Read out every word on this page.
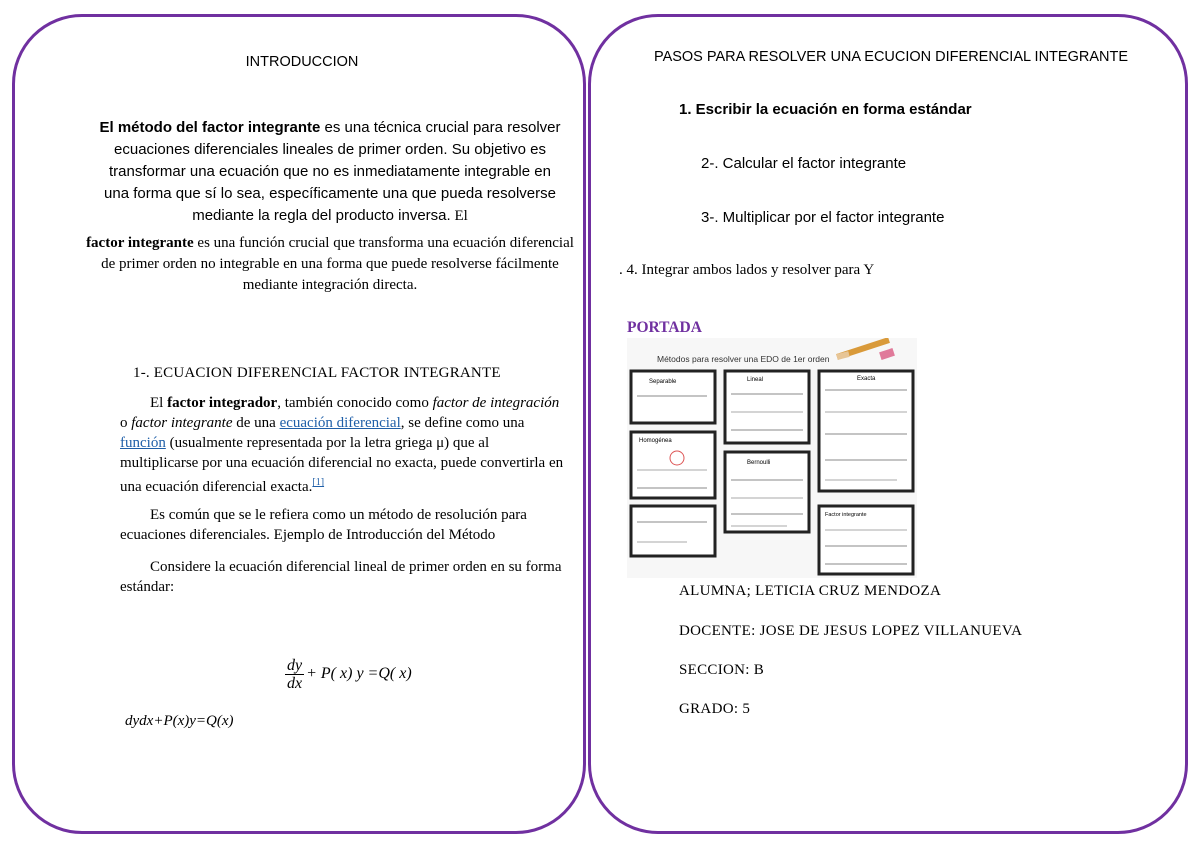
INTRODUCCION
El método del factor integrante es una técnica crucial para resolver ecuaciones diferenciales lineales de primer orden. Su objetivo es transformar una ecuación que no es inmediatamente integrable en una forma que sí lo sea, específicamente una que pueda resolverse mediante la regla del producto inversa. El
factor integrante es una función crucial que transforma una ecuación diferencial de primer orden no integrable en una forma que puede resolverse fácilmente mediante integración directa.
1-. ECUACION DIFERENCIAL FACTOR INTEGRANTE
El factor integrador, también conocido como factor de integración o factor integrante de una ecuación diferencial, se define como una función (usualmente representada por la letra griega μ) que al multiplicarse por una ecuación diferencial no exacta, puede convertirla en una ecuación diferencial exacta.[1]
Es común que se le refiera como un método de resolución para ecuaciones diferenciales. Ejemplo de Introducción del Método
Considere la ecuación diferencial lineal de primer orden en su forma estándar:
$\frac{dy}{dx} + P$( x) y =Q( x)
dydx+P(x)y=Q(x)
PASOS PARA RESOLVER UNA ECUCION DIFERENCIAL INTEGRANTE
1. Escribir la ecuación en forma estándar
2-. Calcular el factor integrante
3-. Multiplicar por el factor integrante
. 4. Integrar ambos lados y resolver para Y
PORTADA
Métodos para resolver una EDO de 1er orden
Separable	Lineal	Exacta
Homogénea
Bernoulli
Factor integrante
ALUMNA; LETICIA CRUZ MENDOZA
DOCENTE: JOSE DE JESUS LOPEZ VILLANUEVA
SECCION: B
GRADO: 5
